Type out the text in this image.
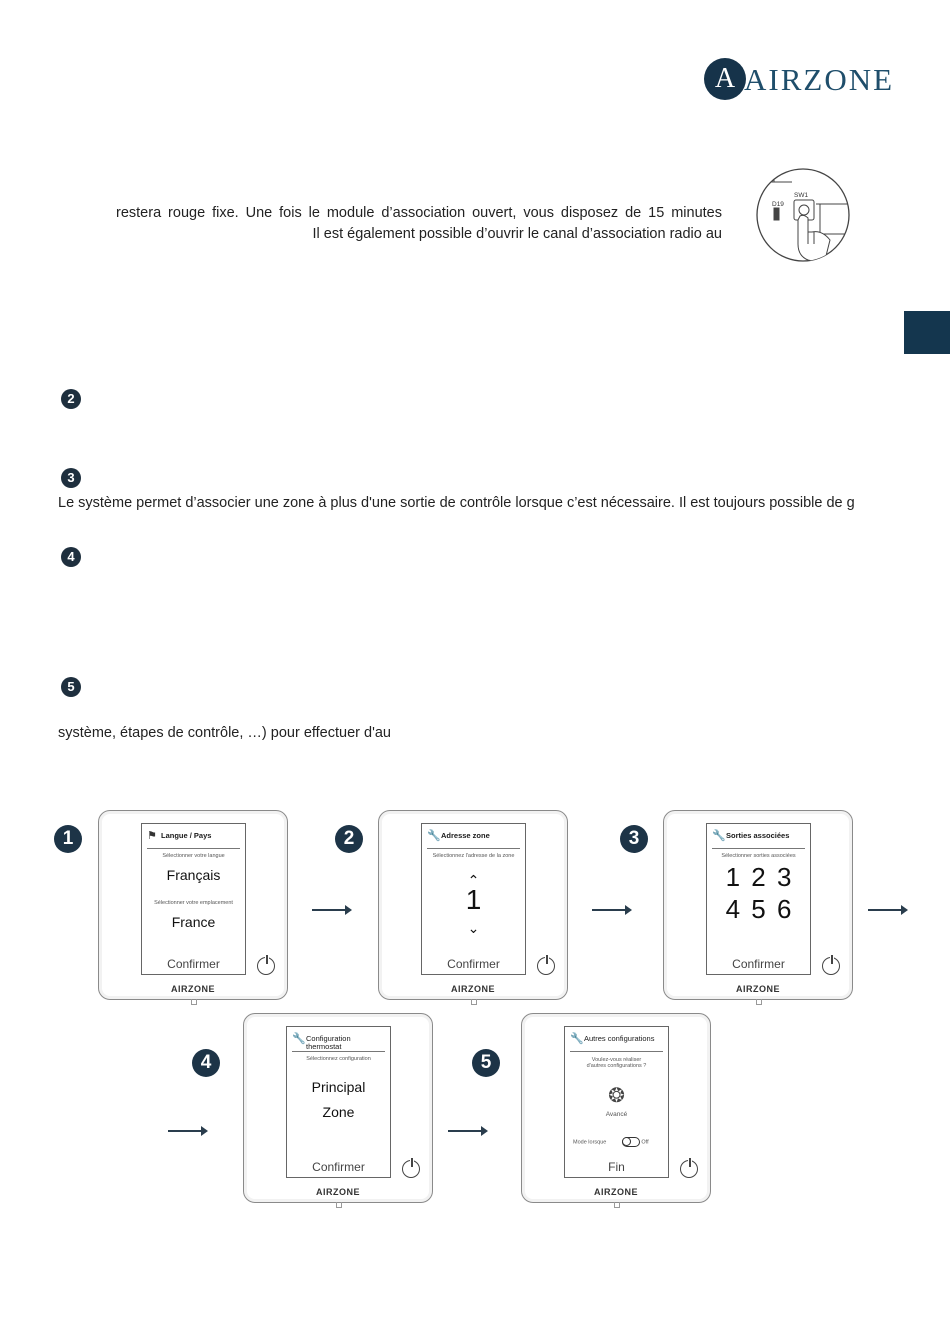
A AIRZONE
SW1
D19
restera rouge fixe. Une fois le module d’association ouvert, vous disposez de 15 minutes
Il est également possible d’ouvrir le canal d’association radio au
Le système permet d’associer une zone à plus d'une sortie de contrôle lorsque c’est nécessaire. Il est toujours possible de g
système, étapes de contrôle, …) pour effectuer d'au
2
3
4
5
1	2	3
4	5
⚑ Langue / Pays
Sélectionner votre langue
Français
Sélectionner votre emplacement
France
Confirmer
AIRZONE
🔧Adresse zone
Sélectionnez l'adresse de la zone
⌃
1
⌄
Confirmer
AIRZONE
🔧Sorties associées
Sélectionner sorties associées
1 2 3
4 5 6
Confirmer
AIRZONE
🔧Configuration thermostat
Sélectionnez configuration
Principal
Zone
Confirmer
AIRZONE
🔧Autres configurations
Voulez-vous réaliser d'autres configurations ?
❂
Avancé
Mode lorsque	Off
Fin
AIRZONE
